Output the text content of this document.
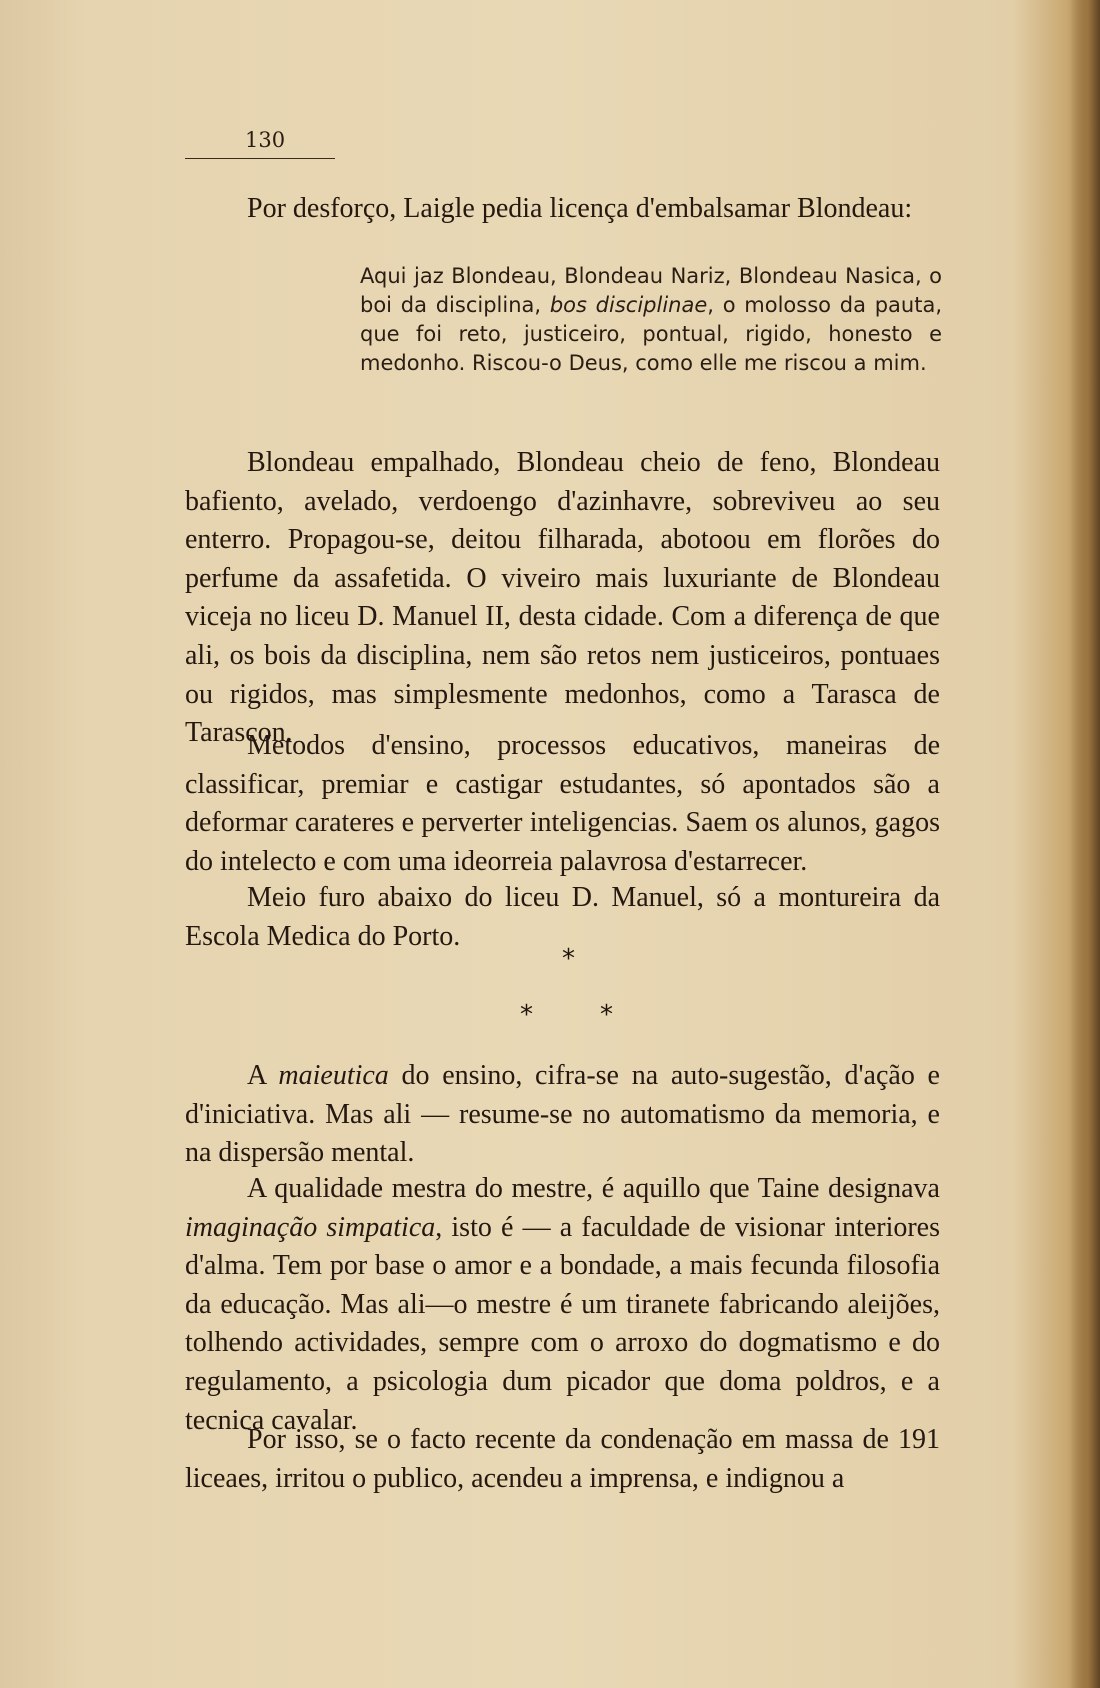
130

Por desforço, Laigle pedia licença d'embalsamar Blondeau:

Aqui jaz Blondeau, Blondeau Nariz, Blondeau Nasica, o boi da disciplina, bos disciplinae, o molosso da pauta, que foi reto, justiceiro, pontual, rigido, honesto e medonho. Riscou-o Deus, como elle me riscou a mim.

Blondeau empalhado, Blondeau cheio de feno, Blondeau bafiento, avelado, verdoengo d'azinhavre, sobreviveu ao seu enterro. Propagou-se, deitou filharada, abotoou em florões do perfume da assafetida. O viveiro mais luxuriante de Blondeau viceja no liceu D. Manuel II, desta cidade. Com a diferença de que ali, os bois da disciplina, nem são retos nem justiceiros, pontuaes ou rigidos, mas simplesmente medonhos, como a Tarasca de Tarascon.

Metodos d'ensino, processos educativos, maneiras de classificar, premiar e castigar estudantes, só apontados são a deformar carateres e perverter inteligencias. Saem os alunos, gagos do intelecto e com uma ideorreia palavrosa d'estarrecer.

Meio furo abaixo do liceu D. Manuel, só a montureira da Escola Medica do Porto.

*
*	*

A maieutica do ensino, cifra-se na auto-sugestão, d'ação e d'iniciativa. Mas ali — resume-se no automatismo da memoria, e na dispersão mental.

A qualidade mestra do mestre, é aquillo que Taine designava imaginação simpatica, isto é — a faculdade de visionar interiores d'alma. Tem por base o amor e a bondade, a mais fecunda filosofia da educação. Mas ali—o mestre é um tiranete fabricando aleijões, tolhendo actividades, sempre com o arroxo do dogmatismo e do regulamento, a psicologia dum picador que doma poldros, e a tecnica cavalar.

Por isso, se o facto recente da condenação em massa de 191 liceaes, irritou o publico, acendeu a imprensa, e indignou a
